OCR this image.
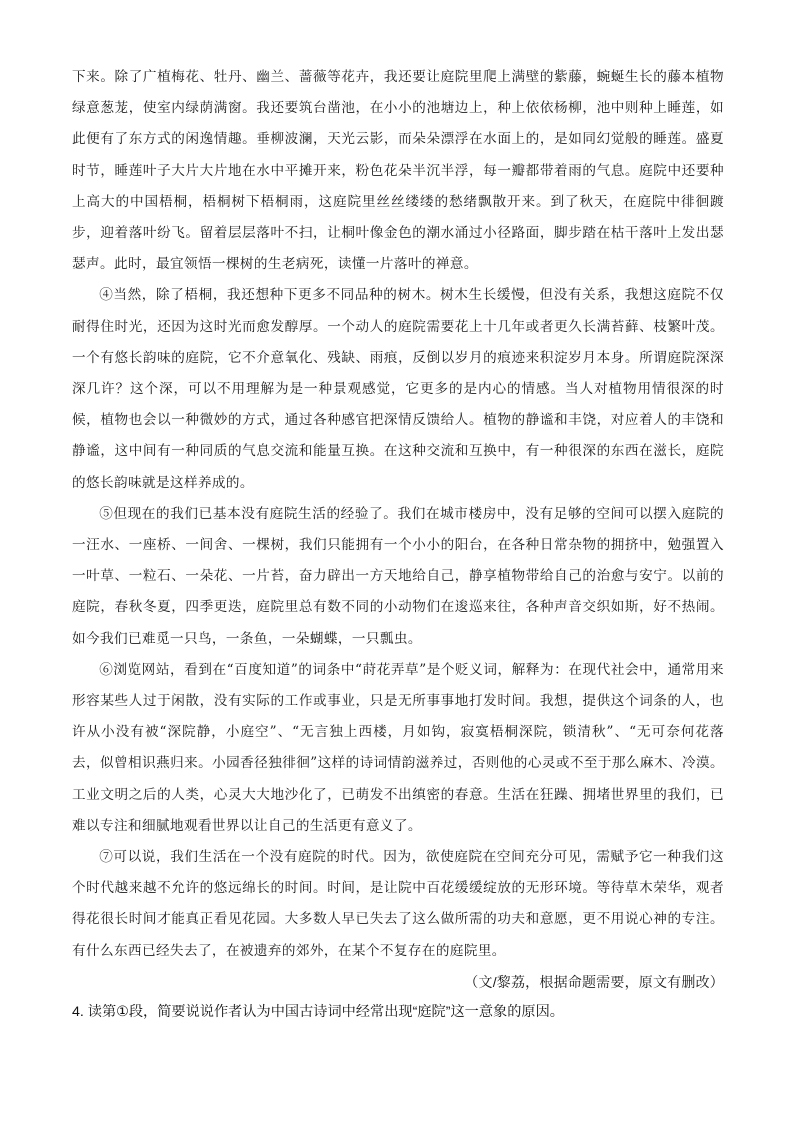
下来。除了广植梅花、牡丹、幽兰、蔷薇等花卉，我还要让庭院里爬上满壁的紫藤，蜿蜒生长的藤本植物绿意葱茏，使室内绿荫满窗。我还要筑台凿池，在小小的池塘边上，种上依依杨柳，池中则种上睡莲，如此便有了东方式的闲逸情趣。垂柳波澜，天光云影，而朵朵漂浮在水面上的，是如同幻觉般的睡莲。盛夏时节，睡莲叶子大片大片地在水中平摊开来，粉色花朵半沉半浮，每一瓣都带着雨的气息。庭院中还要种上高大的中国梧桐，梧桐树下梧桐雨，这庭院里丝丝缕缕的愁绪飘散开来。到了秋天，在庭院中徘徊踱步，迎着落叶纷飞。留着层层落叶不扫，让桐叶像金色的潮水涌过小径路面，脚步踏在枯干落叶上发出瑟瑟声。此时，最宜领悟一棵树的生老病死，读懂一片落叶的禅意。

④当然，除了梧桐，我还想种下更多不同品种的树木。树木生长缓慢，但没有关系，我想这庭院不仅耐得住时光，还因为这时光而愈发醇厚。一个动人的庭院需要花上十几年或者更久长满苔藓、枝繁叶茂。一个有悠长韵味的庭院，它不介意氧化、残缺、雨痕，反倒以岁月的痕迹来积淀岁月本身。所谓庭院深深深几许？这个深，可以不用理解为是一种景观感觉，它更多的是内心的情感。当人对植物用情很深的时候，植物也会以一种微妙的方式，通过各种感官把深情反馈给人。植物的静谧和丰饶，对应着人的丰饶和静谧，这中间有一种同质的气息交流和能量互换。在这种交流和互换中，有一种很深的东西在滋长，庭院的悠长韵味就是这样养成的。

⑤但现在的我们已基本没有庭院生活的经验了。我们在城市楼房中，没有足够的空间可以摆入庭院的一汪水、一座桥、一间舍、一棵树，我们只能拥有一个小小的阳台，在各种日常杂物的拥挤中，勉强置入一叶草、一粒石、一朵花、一片苔，奋力辟出一方天地给自己，静享植物带给自己的治愈与安宁。以前的庭院，春秋冬夏，四季更迭，庭院里总有数不同的小动物们在逡巡来往，各种声音交织如斯，好不热闹。如今我们已难觅一只鸟，一条鱼，一朵蝴蝶，一只瓢虫。

⑥浏览网站，看到在“百度知道”的词条中“莳花弄草”是个贬义词，解释为：在现代社会中，通常用来形容某些人过于闲散，没有实际的工作或事业，只是无所事事地打发时间。我想，提供这个词条的人，也许从小没有被“深院静，小庭空”、“无言独上西楼，月如钩，寂寞梧桐深院，锁清秋”、“无可奈何花落去，似曾相识燕归来。小园香径独徘徊”这样的诗词情韵滋养过，否则他的心灵或不至于那么麻木、冷漠。工业文明之后的人类，心灵大大地沙化了，已萌发不出缜密的春意。生活在狂躁、拥堵世界里的我们，已难以专注和细腻地观看世界以让自己的生活更有意义了。

⑦可以说，我们生活在一个没有庭院的时代。因为，欲使庭院在空间充分可见，需赋予它一种我们这个时代越来越不允许的悠远绵长的时间。时间，是让院中百花缓缓绽放的无形环境。等待草木荣华，观者得花很长时间才能真正看见花园。大多数人早已失去了这么做所需的功夫和意愿，更不用说心神的专注。有什么东西已经失去了，在被遗弃的郊外，在某个不复存在的庭院里。

（文/黎荔，根据命题需要，原文有删改）

4. 读第①段，简要说说作者认为中国古诗词中经常出现“庭院”这一意象的原因。
